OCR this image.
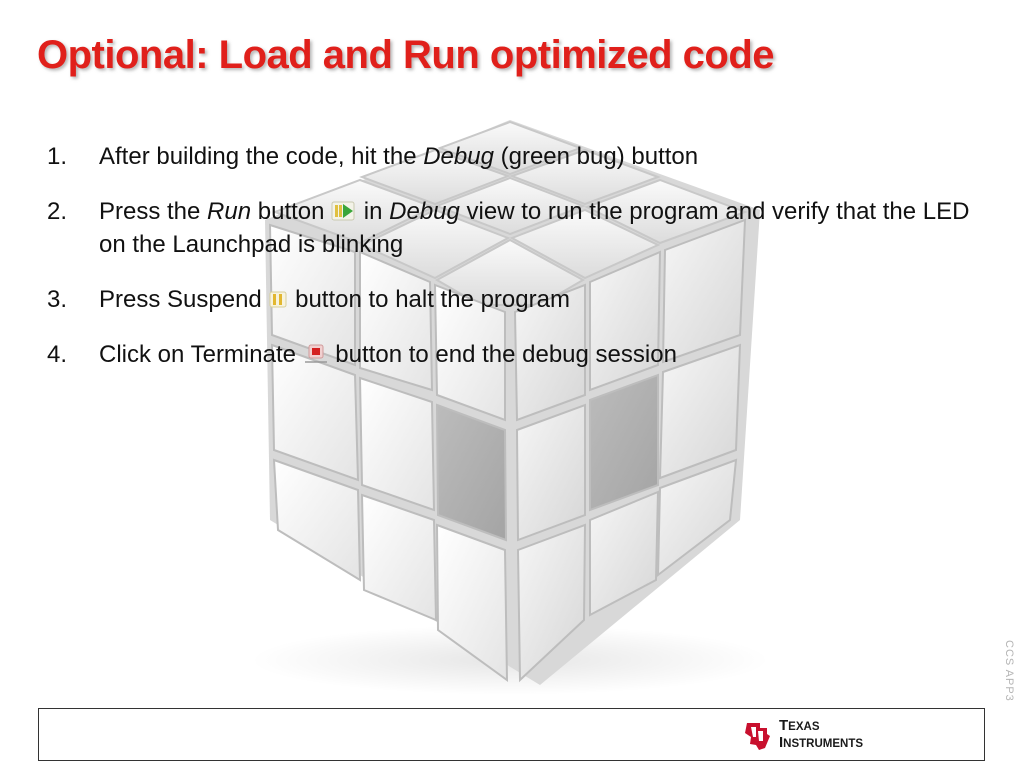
Optional: Load and Run optimized code
1. After building the code, hit the Debug (green bug) button
2. Press the Run button  in Debug view to run the program and verify that the LED on the Launchpad is blinking
3. Press Suspend  button to halt the program
4. Click on Terminate  button to end the debug session
CCS APP3
TEXAS
INSTRUMENTS
